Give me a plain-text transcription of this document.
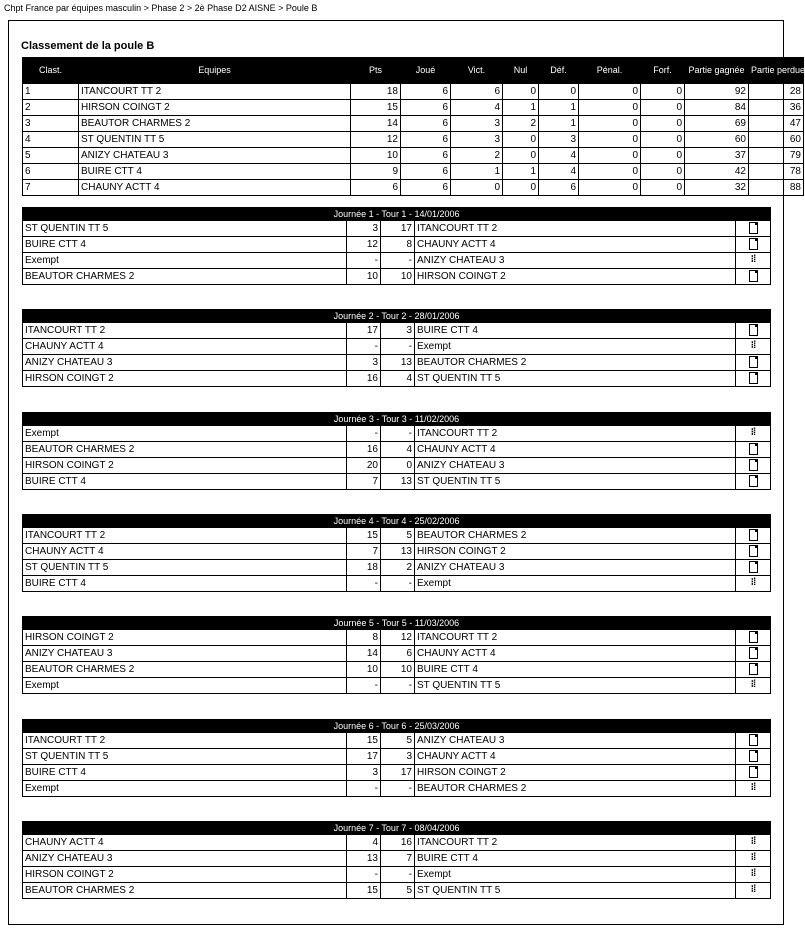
Chpt France par équipes masculin > Phase 2 > 2è Phase D2 AISNE > Poule B
Classement de la poule B
Clast.	Equipes	Pts	Joué	Vict.	Nul	Déf.	Pénal.	Forf.	Partie gagnée	Partie perdue
1	ITANCOURT TT 2	18	6	6	0	0	0	0	92	28
2	HIRSON COINGT 2	15	6	4	1	1	0	0	84	36
3	BEAUTOR CHARMES 2	14	6	3	2	1	0	0	69	47
4	ST QUENTIN TT 5	12	6	3	0	3	0	0	60	60
5	ANIZY CHATEAU 3	10	6	2	0	4	0	0	37	79
6	BUIRE CTT 4	9	6	1	1	4	0	0	42	78
7	CHAUNY ACTT 4	6	6	0	0	6	0	0	32	88
Journée 1 - Tour 1 - 14/01/2006				
ST QUENTIN TT 5	3	17	ITANCOURT TT 2	
BUIRE CTT 4	12	8	CHAUNY ACTT 4	
Exempt	-	-	ANIZY CHATEAU 3	⁝⁞
BEAUTOR CHARMES 2	10	10	HIRSON COINGT 2	
Journée 2 - Tour 2 - 28/01/2006				
ITANCOURT TT 2	17	3	BUIRE CTT 4	
CHAUNY ACTT 4	-	-	Exempt	⁝⁞
ANIZY CHATEAU 3	3	13	BEAUTOR CHARMES 2	
HIRSON COINGT 2	16	4	ST QUENTIN TT 5	
Journée 3 - Tour 3 - 11/02/2006				
Exempt	-	-	ITANCOURT TT 2	⁝⁞
BEAUTOR CHARMES 2	16	4	CHAUNY ACTT 4	
HIRSON COINGT 2	20	0	ANIZY CHATEAU 3	
BUIRE CTT 4	7	13	ST QUENTIN TT 5	
Journée 4 - Tour 4 - 25/02/2006				
ITANCOURT TT 2	15	5	BEAUTOR CHARMES 2	
CHAUNY ACTT 4	7	13	HIRSON COINGT 2	
ST QUENTIN TT 5	18	2	ANIZY CHATEAU 3	
BUIRE CTT 4	-	-	Exempt	⁝⁞
Journée 5 - Tour 5 - 11/03/2006				
HIRSON COINGT 2	8	12	ITANCOURT TT 2	
ANIZY CHATEAU 3	14	6	CHAUNY ACTT 4	
BEAUTOR CHARMES 2	10	10	BUIRE CTT 4	
Exempt	-	-	ST QUENTIN TT 5	⁝⁞
Journée 6 - Tour 6 - 25/03/2006				
ITANCOURT TT 2	15	5	ANIZY CHATEAU 3	
ST QUENTIN TT 5	17	3	CHAUNY ACTT 4	
BUIRE CTT 4	3	17	HIRSON COINGT 2	
Exempt	-	-	BEAUTOR CHARMES 2	⁝⁞
Journée 7 - Tour 7 - 08/04/2006				
CHAUNY ACTT 4	4	16	ITANCOURT TT 2	⁝⁞
ANIZY CHATEAU 3	13	7	BUIRE CTT 4	⁝⁞
HIRSON COINGT 2	-	-	Exempt	⁝⁞
BEAUTOR CHARMES 2	15	5	ST QUENTIN TT 5	⁝⁞
